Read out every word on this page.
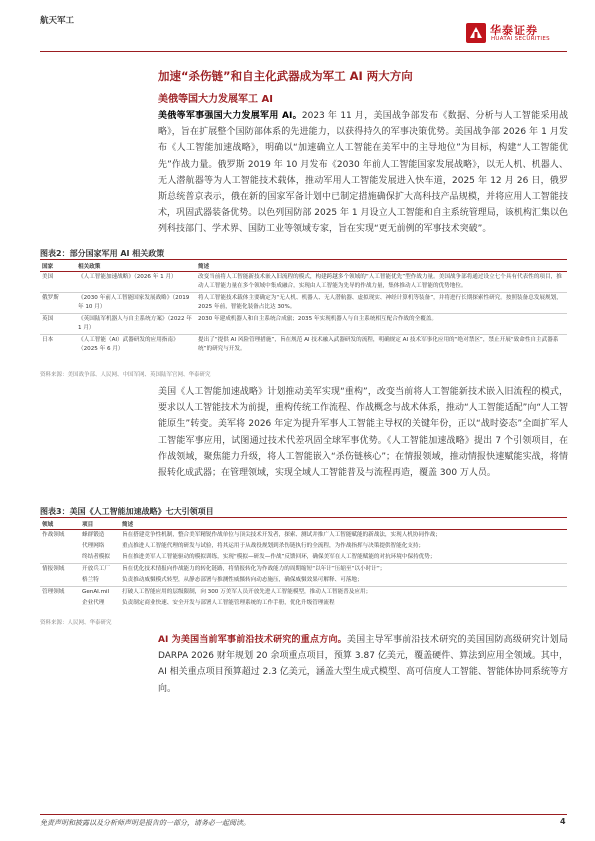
航天军工
华泰证券
HUATAI SECURITIES
加速“杀伤链”和自主化武器成为军工 AI 两大方向
美俄等国大力发展军工 AI
美俄等军事强国大力发展军用 AI。2023 年 11 月，美国战争部发布《数据、分析与人工智能采用战略》，旨在扩展整个国防部体系的先进能力，以获得持久的军事决策优势。美国战争部 2026 年 1 月发布《人工智能加速战略》，明确以“加速确立人工智能在美军中的主导地位”为目标，构建“人工智能优先”作战力量。俄罗斯 2019 年 10 月发布《2030 年前人工智能国家发展战略》，以无人机、机器人、无人潜航器等为人工智能技术载体，推动军用人工智能发展进入快车道，2025 年 12 月 26 日，俄罗斯总统普京表示，俄在新的国家军备计划中已制定措施确保扩大高科技产品规模，并将应用人工智能技术，巩固武器装备优势。以色列国防部 2025 年 1 月设立人工智能和自主系统管理局，该机构汇集以色列科技部门、学术界、国防工业等领域专家，旨在实现“更无前例的军事技术突破”。
图表2：部分国家军用 AI 相关政策
国家	相关政策	简述
美国	《人工智能加速战略》（2026 年 1 月）	改变当前将人工智能新技术嵌入旧流程的模式，构建跨越多个领域的“人工智能优先”型作战力量。美国战争部将通过设立七个具有代表性的项目，推动人工智能力量在多个领域中集成融合，实现由人工智能为先导的作战力量，集体推动人工智能的优势地位。
俄罗斯	《2030 年前人工智能国家发展战略》（2019 年 10 月）	将人工智能技术载体主要确定为“无人机、机器人、无人潜航器、虚拟现实、神经计算机等装备”，并将进行长期探索性研究。按照装备总发展规划，2025 年前，智能化装备占比达 30%。
英国	《英国陆军机器人与自主系统方案》（2022 年 1 月）	2030 年建成机器人和自主系统合成旅；2035 年实现机器人与自主系统相互配合作战的全覆盖。
日本	《人工智能（AI）武器研发的应用指南》（2025 年 6 月）	提出了“提供 AI 风险管理措施”，旨在规范 AI 技术融入武器研发的流程，明确规定 AI 技术军事化应用的“绝对禁区”，禁止开展“致命性自主武器系统”的研究与开发。
资料来源：美国战争部、人民网、中国军网、英国陆军官网、华泰研究
美国《人工智能加速战略》计划推动美军实现“重构”，改变当前将人工智能新技术嵌入旧流程的模式，要求以人工智能技术为前提，重构传统工作流程、作战概念与战术体系，推动“人工智能适配”向“人工智能原生”转变。美军将 2026 年定为提升军事人工智能主导权的关键年份，正以“战时姿态”全面扩军人工智能军事应用，试图通过技术代差巩固全球军事优势。《人工智能加速战略》提出 7 个引领项目，在作战领域，聚焦能力升级，将人工智能嵌入“杀伤链核心”；在情报领域，推动情报快速赋能实战，将情报转化成武器；在管理领域，实现全域人工智能普及与流程再造，覆盖 300 万人员。
图表3：美国《人工智能加速战略》七大引领项目
领域	项目	简述
作战领域	蜂群锻造	旨在搭建竞争性机制，整合美军精锐作战单位与顶尖技术开发者，探索、测试并推广人工智能赋能的新战法，实现人机协同作战；
	代理网络	重点推进人工智能代理的研发与试验，将其运用于从战役规划到杀伤链执行的全流程，为作战指挥与决策提供智能化支持；
	终结者模拟	旨在推进美军人工智能驱动的模拟训练，实现“模拟—研发—作战”反馈回环，确保美军在人工智能赋能的对抗环境中保持优势；
情报领域	开放兵工厂	旨在优化技术情报向作战能力的转化链路，将情报转化为作战能力的周期缩短“以年计”压缩至“以小时计”；
	格兰特	负责推动威慑模式转型，从静态部署与推测性威慑转向动态施压，确保威慑效果可解释、可落地；
管理领域	GenAI.mil	打破人工智能应用的层级限制，向 300 万美军人员开放先进人工智能模型，推动人工智能普及应用；
	企业代理	负责制定商业快速、安全开发与部署人工智能管理系统的工作手册，优化升级管理流程
资料来源：人民网、华泰研究
AI 为美国当前军事前沿技术研究的重点方向。美国主导军事前沿技术研究的美国国防高级研究计划局 DARPA 2026 财年规划 20 余项重点项目，预算 3.87 亿美元，覆盖硬件、算法到应用全领域。其中，AI 相关重点项目预算超过 2.3 亿美元，涵盖大型生成式模型、高可信度人工智能、智能体协同系统等方向。
免责声明和披露以及分析师声明是报告的一部分，请务必一起阅读。	4
